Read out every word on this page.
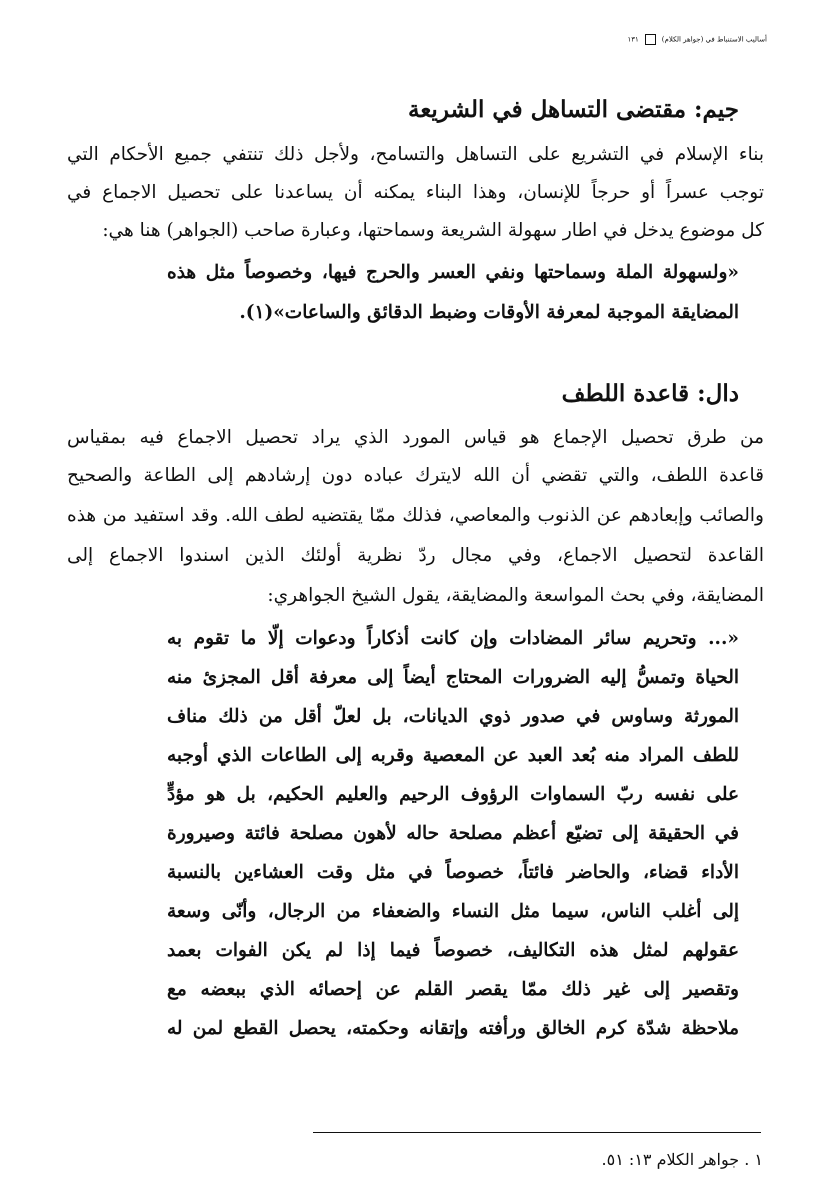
أساليب الاستنباط في (جواهر الكلام)١٣١
جيم: مقتضى التساهل في الشريعة
بناء الإسلام في التشريع على التساهل والتسامح، ولأجل ذلك تنتفي جميع الأحكام التي
توجب عسراً أو حرجاً للإنسان، وهذا البناء يمكنه أن يساعدنا على تحصيل الاجماع في
كل موضوع يدخل في اطار سهولة الشريعة وسماحتها، وعبارة صاحب (الجواهر) هنا هي:
«ولسهولة الملة وسماحتها ونفي العسر والحرج فيها، وخصوصاً مثل هذه
المضايقة الموجبة لمعرفة الأوقات وضبط الدقائق والساعات»(١).
دال: قاعدة اللطف
من طرق تحصيل الإجماع هو قياس المورد الذي يراد تحصيل الاجماع فيه بمقياس
قاعدة اللطف، والتي تقضي أن الله لايترك عباده دون إرشادهم إلى الطاعة والصحيح
والصائب وإبعادهم عن الذنوب والمعاصي، فذلك ممّا يقتضيه لطف الله. وقد استفيد من هذه
القاعدة لتحصيل الاجماع، وفي مجال ردّ نظرية أولئك الذين اسندوا الاجماع إلى
المضايقة، وفي بحث المواسعة والمضايقة، يقول الشيخ الجواهري:
«... وتحريم سائر المضادات وإن كانت أذكاراً ودعوات إلّا ما تقوم به
الحياة وتمسُّ إليه الضرورات المحتاج أيضاً إلى معرفة أقل المجزئ منه
المورثة وساوس في صدور ذوي الديانات، بل لعلّ أقل من ذلك مناف
للطف المراد منه بُعد العبد عن المعصية وقربه إلى الطاعات الذي أوجبه
على نفسه ربّ السماوات الرؤوف الرحيم والعليم الحكيم، بل هو مؤدٍّ
في الحقيقة إلى تضيّع أعظم مصلحة حاله لأهون مصلحة فائتة وصيرورة
الأداء قضاء، والحاضر فائتاً، خصوصاً في مثل وقت العشاءين بالنسبة
إلى أغلب الناس، سيما مثل النساء والضعفاء من الرجال، وأنّى وسعة
عقولهم لمثل هذه التكاليف، خصوصاً فيما إذا لم يكن الفوات بعمد
وتقصير إلى غير ذلك ممّا يقصر القلم عن إحصائه الذي ببعضه مع
ملاحظة شدّة كرم الخالق ورأفته وإتقانه وحكمته، يحصل القطع لمن له
١ . جواهر الكلام ١٣: ٥١.
